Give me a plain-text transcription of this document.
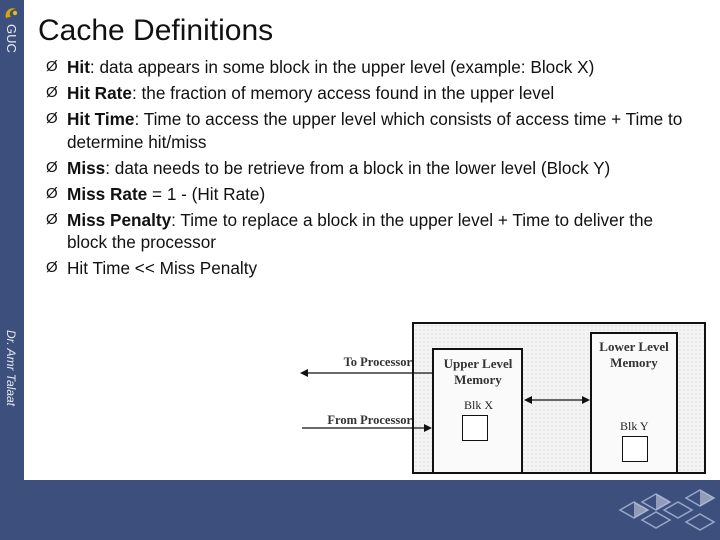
GUC
Dr. Amr Talaat
Cache Definitions
Ø Hit: data appears in some block in the upper level (example: Block X)
Ø Hit Rate: the fraction of memory access found in the upper level
Ø Hit Time: Time to access the upper level which consists of access time + Time to determine hit/miss
Ø Miss: data needs to be retrieve from a block in the lower level (Block Y)
Ø Miss Rate = 1 - (Hit Rate)
Ø Miss Penalty: Time to replace a block in the upper level + Time to deliver the block the processor
Ø Hit Time << Miss Penalty
Upper Level Memory
Lower Level Memory
Blk X
Blk Y
To Processor
From Processor
